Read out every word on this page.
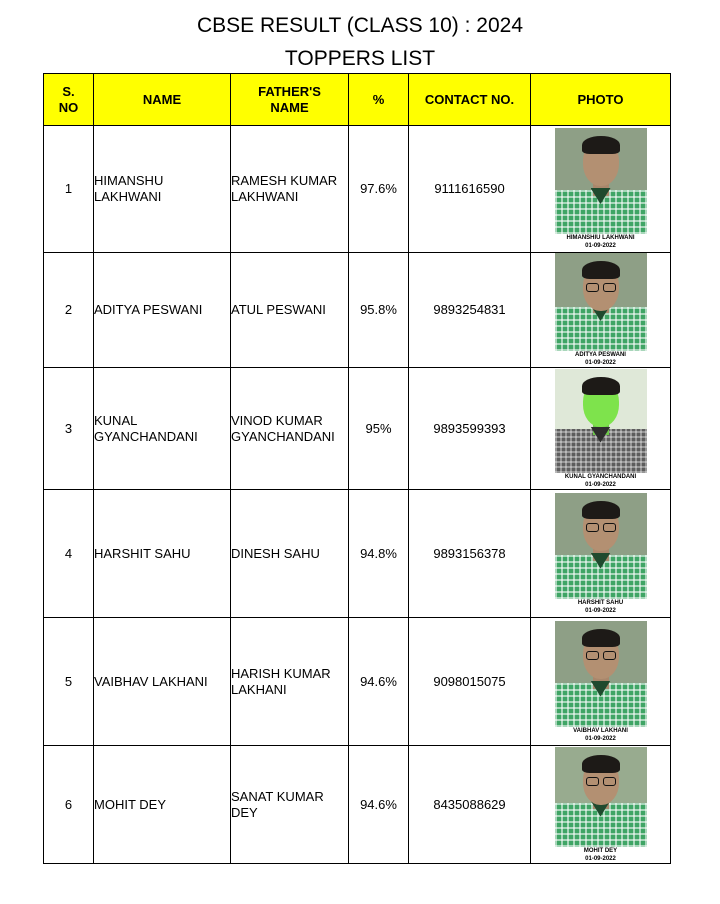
CBSE RESULT (CLASS 10) : 2024
TOPPERS LIST
S. NO	NAME	FATHER'S NAME	%	CONTACT NO.	PHOTO
1	HIMANSHU LAKHWANI	RAMESH KUMAR LAKHWANI	97.6%	9111616590	HIMANSHIU LAKHWANI
01-09-2022

2	ADITYA PESWANI	ATUL PESWANI	95.8%	9893254831	ADITYA PESWANI
01-09-2022

3	KUNAL GYANCHANDANI	VINOD KUMAR GYANCHANDANI	95%	9893599393	KUNAL GYANCHANDANI
01-09-2022

4	HARSHIT SAHU	DINESH SAHU	94.8%	9893156378	HARSHIT SAHU
01-09-2022

5	VAIBHAV LAKHANI	HARISH KUMAR LAKHANI	94.6%	9098015075	VAIBHAV LAKHANI
01-09-2022

6	MOHIT DEY	SANAT KUMAR DEY	94.6%	8435088629	MOHIT DEY
01-09-2022
